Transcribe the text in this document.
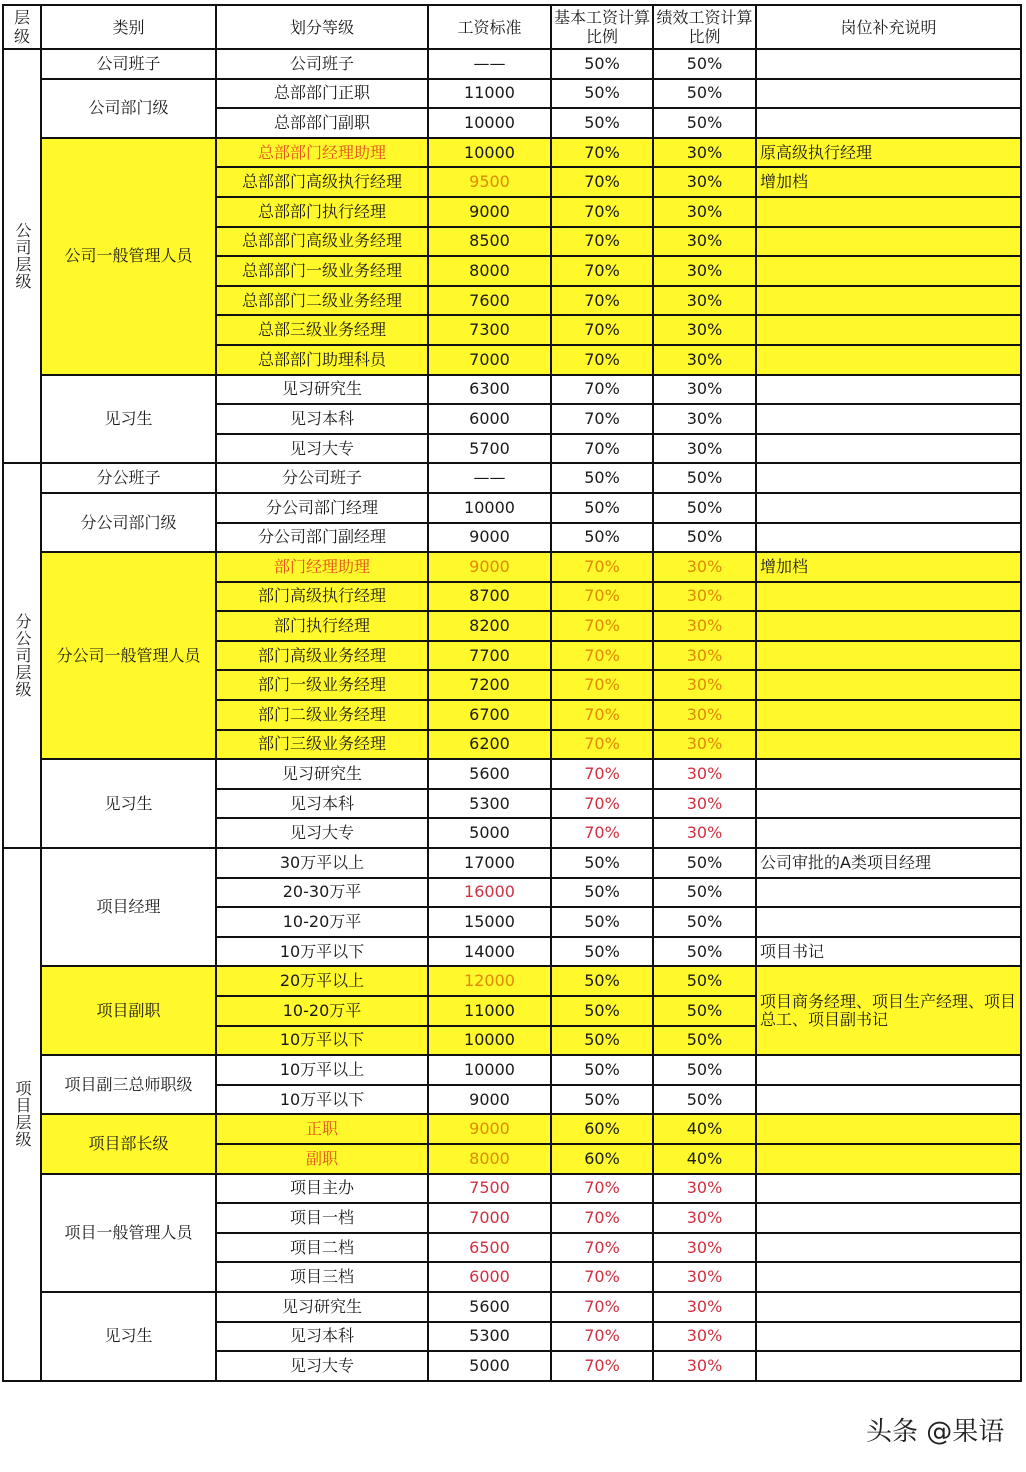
层级	类别	划分等级	工资标准	基本工资计算比例	绩效工资计算比例	岗位补充说明
公司层级	公司班子	公司班子	——	50%	50%	
	公司部门级	总部部门正职	11000	50%	50%	
		总部部门副职	10000	50%	50%	
	公司一般管理人员	总部部门经理助理	10000	70%	30%	原高级执行经理
		总部部门高级执行经理	9500	70%	30%	增加档
		总部部门执行经理	9000	70%	30%	
		总部部门高级业务经理	8500	70%	30%	
		总部部门一级业务经理	8000	70%	30%	
		总部部门二级业务经理	7600	70%	30%	
		总部三级业务经理	7300	70%	30%	
		总部部门助理科员	7000	70%	30%	
	见习生	见习研究生	6300	70%	30%	
		见习本科	6000	70%	30%	
		见习大专	5700	70%	30%	
分公司层级	分公班子	分公司班子	——	50%	50%	
	分公司部门级	分公司部门经理	10000	50%	50%	
		分公司部门副经理	9000	50%	50%	
	分公司一般管理人员	部门经理助理	9000	70%	30%	增加档
		部门高级执行经理	8700	70%	30%	
		部门执行经理	8200	70%	30%	
		部门高级业务经理	7700	70%	30%	
		部门一级业务经理	7200	70%	30%	
		部门二级业务经理	6700	70%	30%	
		部门三级业务经理	6200	70%	30%	
	见习生	见习研究生	5600	70%	30%	
		见习本科	5300	70%	30%	
		见习大专	5000	70%	30%	
项目层级	项目经理	30万平以上	17000	50%	50%	公司审批的A类项目经理
		20-30万平	16000	50%	50%	
		10-20万平	15000	50%	50%	
		10万平以下	14000	50%	50%	项目书记
	项目副职	20万平以上	12000	50%	50%	项目商务经理、项目生产经理、项目总工、项目副书记
		10-20万平	11000	50%	50%	
		10万平以下	10000	50%	50%	
	项目副三总师职级	10万平以上	10000	50%	50%	
		10万平以下	9000	50%	50%	
	项目部长级	正职	9000	60%	40%	
		副职	8000	60%	40%	
	项目一般管理人员	项目主办	7500	70%	30%	
		项目一档	7000	70%	30%	
		项目二档	6500	70%	30%	
		项目三档	6000	70%	30%	
	见习生	见习研究生	5600	70%	30%	
		见习本科	5300	70%	30%	
		见习大专	5000	70%	30%	
头条 @果语
